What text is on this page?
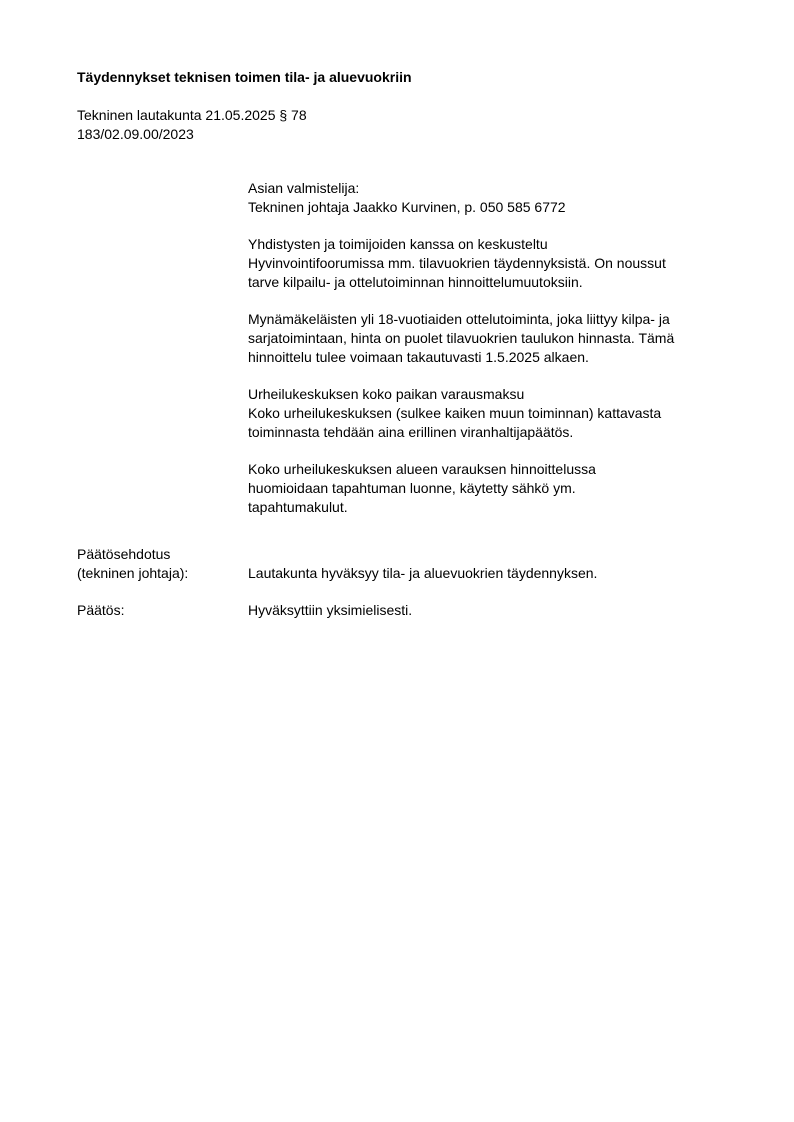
Täydennykset teknisen toimen tila- ja aluevuokriin
Tekninen lautakunta 21.05.2025 § 78
183/02.09.00/2023
Asian valmistelija:
Tekninen johtaja Jaakko Kurvinen, p. 050 585 6772
Yhdistysten ja toimijoiden kanssa on keskusteltu
Hyvinvointifoorumissa mm. tilavuokrien täydennyksistä. On noussut
tarve kilpailu- ja ottelutoiminnan hinnoittelumuutoksiin.
Mynämäkeläisten yli 18-vuotiaiden ottelutoiminta, joka liittyy kilpa- ja
sarjatoimintaan, hinta on puolet tilavuokrien taulukon hinnasta. Tämä
hinnoittelu tulee voimaan takautuvasti 1.5.2025 alkaen.
Urheilukeskuksen koko paikan varausmaksu
Koko urheilukeskuksen (sulkee kaiken muun toiminnan) kattavasta
toiminnasta tehdään aina erillinen viranhaltijapäätös.
Koko urheilukeskuksen alueen varauksen hinnoittelussa
huomioidaan tapahtuman luonne, käytetty sähkö ym.
tapahtumakulut.
Päätösehdotus
(tekninen johtaja):	Lautakunta hyväksyy tila- ja aluevuokrien täydennyksen.
Päätös:	Hyväksyttiin yksimielisesti.
